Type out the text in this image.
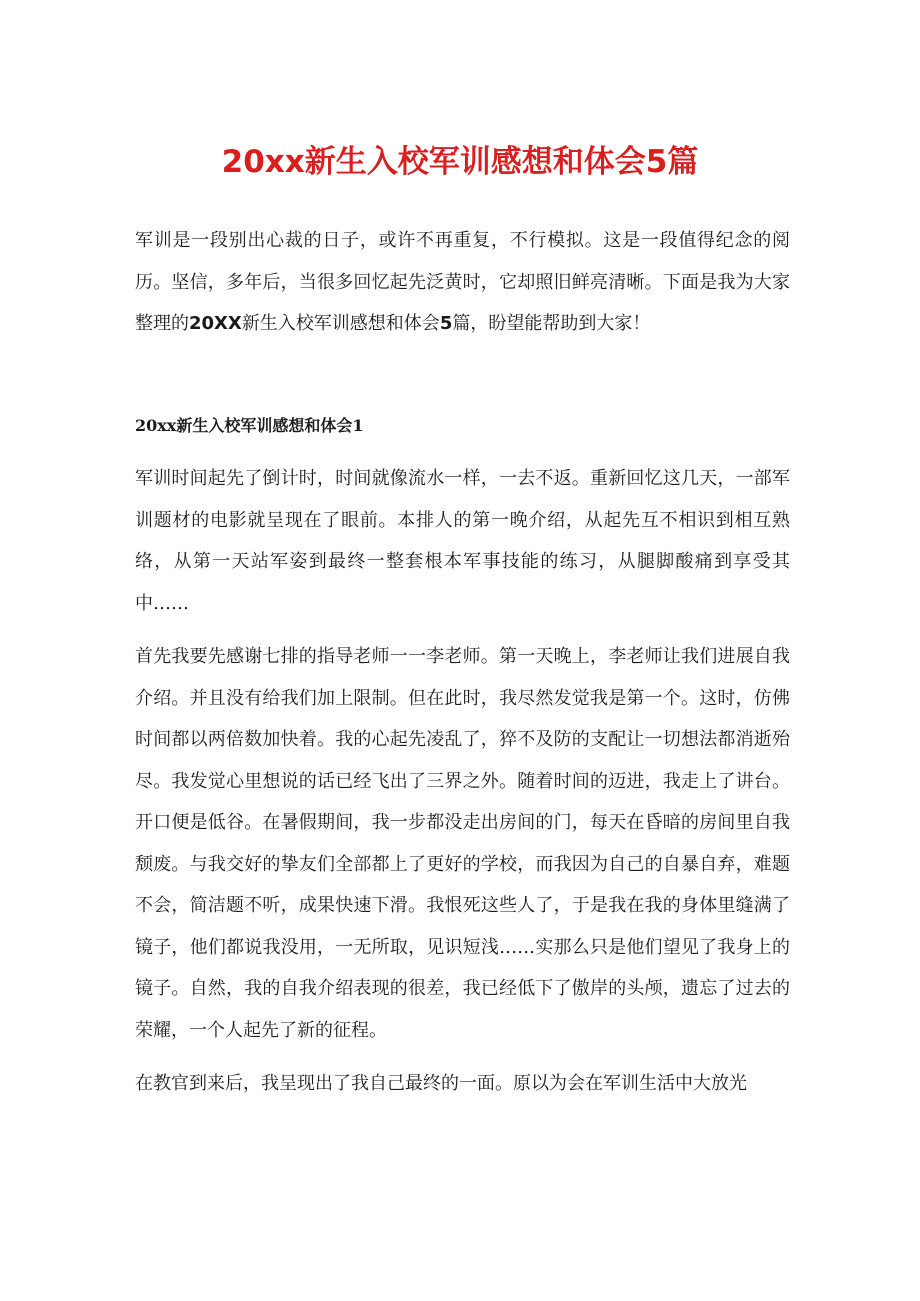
20xx新生入校军训感想和体会5篇

军训是一段别出心裁的日子，或许不再重复，不行模拟。这是一段值得纪念的阅历。坚信，多年后，当很多回忆起先泛黄时，它却照旧鲜亮清晰。下面是我为大家整理的20XX新生入校军训感想和体会5篇，盼望能帮助到大家！

20xx新生入校军训感想和体会1

军训时间起先了倒计时，时间就像流水一样，一去不返。重新回忆这几天，一部军训题材的电影就呈现在了眼前。本排人的第一晚介绍，从起先互不相识到相互熟络，从第一天站军姿到最终一整套根本军事技能的练习，从腿脚酸痛到享受其中……

首先我要先感谢七排的指导老师一一李老师。第一天晚上，李老师让我们进展自我介绍。并且没有给我们加上限制。但在此时，我尽然发觉我是第一个。这时，仿佛时间都以两倍数加快着。我的心起先凌乱了，猝不及防的支配让一切想法都消逝殆尽。我发觉心里想说的话已经飞出了三界之外。随着时间的迈进，我走上了讲台。开口便是低谷。在暑假期间，我一步都没走出房间的门，每天在昏暗的房间里自我颓废。与我交好的挚友们全部都上了更好的学校，而我因为自己的自暴自弃，难题不会，简洁题不听，成果快速下滑。我恨死这些人了，于是我在我的身体里缝满了镜子，他们都说我没用，一无所取，见识短浅……实那么只是他们望见了我身上的镜子。自然，我的自我介绍表现的很差，我已经低下了傲岸的头颅，遗忘了过去的荣耀，一个人起先了新的征程。

在教官到来后，我呈现出了我自己最终的一面。原以为会在军训生活中大放光
